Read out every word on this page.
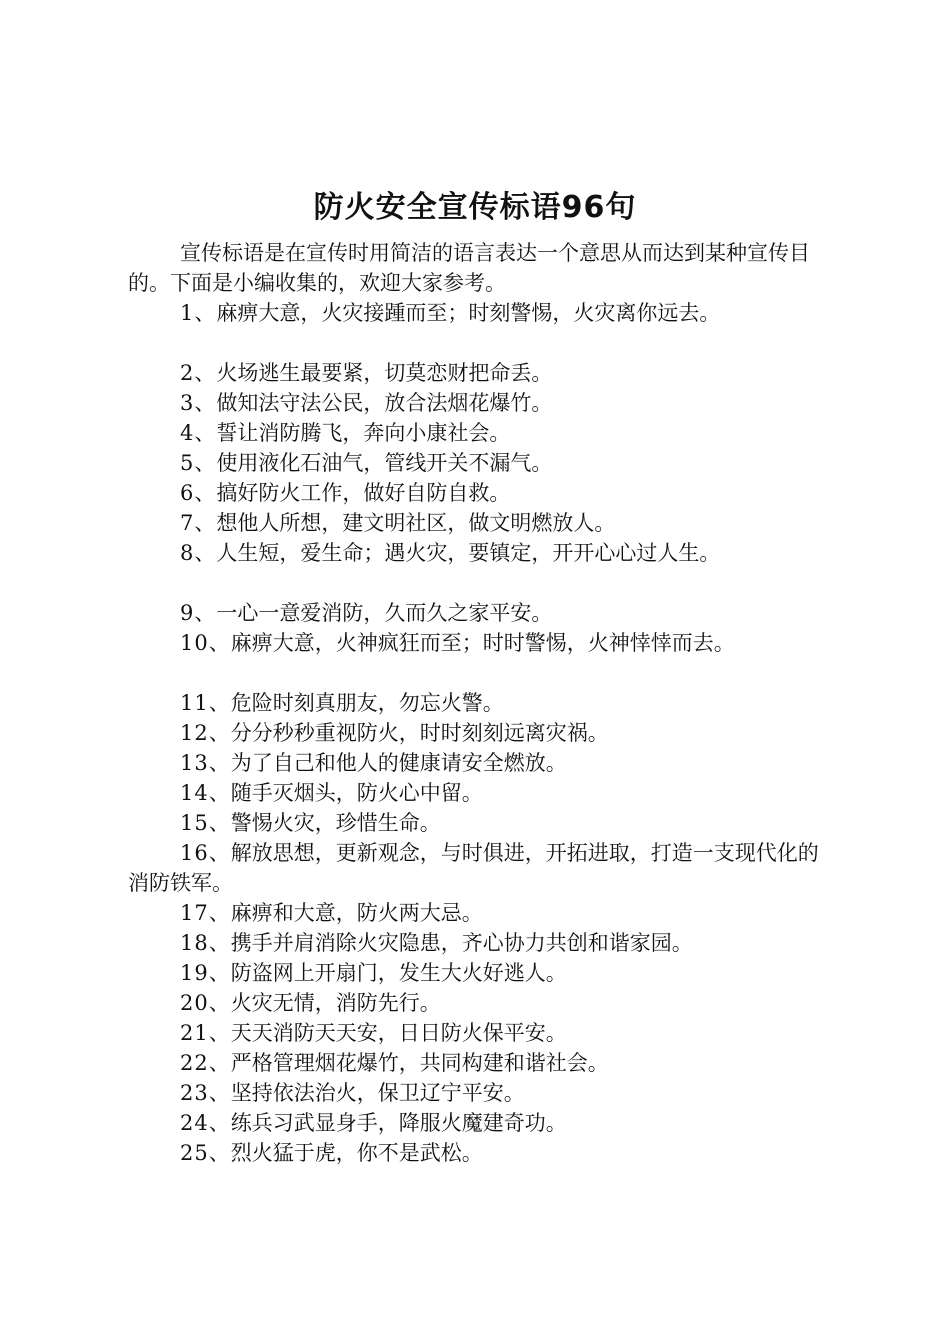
防火安全宣传标语96句

宣传标语是在宣传时用简洁的语言表达一个意思从而达到某种宣传目的。下面是小编收集的，欢迎大家参考。

1、麻痹大意，火灾接踵而至；时刻警惕，火灾离你远去。
2、火场逃生最要紧，切莫恋财把命丢。
3、做知法守法公民，放合法烟花爆竹。
4、誓让消防腾飞，奔向小康社会。
5、使用液化石油气，管线开关不漏气。
6、搞好防火工作，做好自防自救。
7、想他人所想，建文明社区，做文明燃放人。
8、人生短，爱生命；遇火灾，要镇定，开开心心过人生。
9、一心一意爱消防，久而久之家平安。
10、麻痹大意，火神疯狂而至；时时警惕，火神悻悻而去。
11、危险时刻真朋友，勿忘火警。
12、分分秒秒重视防火，时时刻刻远离灾祸。
13、为了自己和他人的健康请安全燃放。
14、随手灭烟头，防火心中留。
15、警惕火灾，珍惜生命。
16、解放思想，更新观念，与时俱进，开拓进取，打造一支现代化的消防铁军。
17、麻痹和大意，防火两大忌。
18、携手并肩消除火灾隐患，齐心协力共创和谐家园。
19、防盗网上开扇门，发生大火好逃人。
20、火灾无情，消防先行。
21、天天消防天天安，日日防火保平安。
22、严格管理烟花爆竹，共同构建和谐社会。
23、坚持依法治火，保卫辽宁平安。
24、练兵习武显身手，降服火魔建奇功。
25、烈火猛于虎，你不是武松。
